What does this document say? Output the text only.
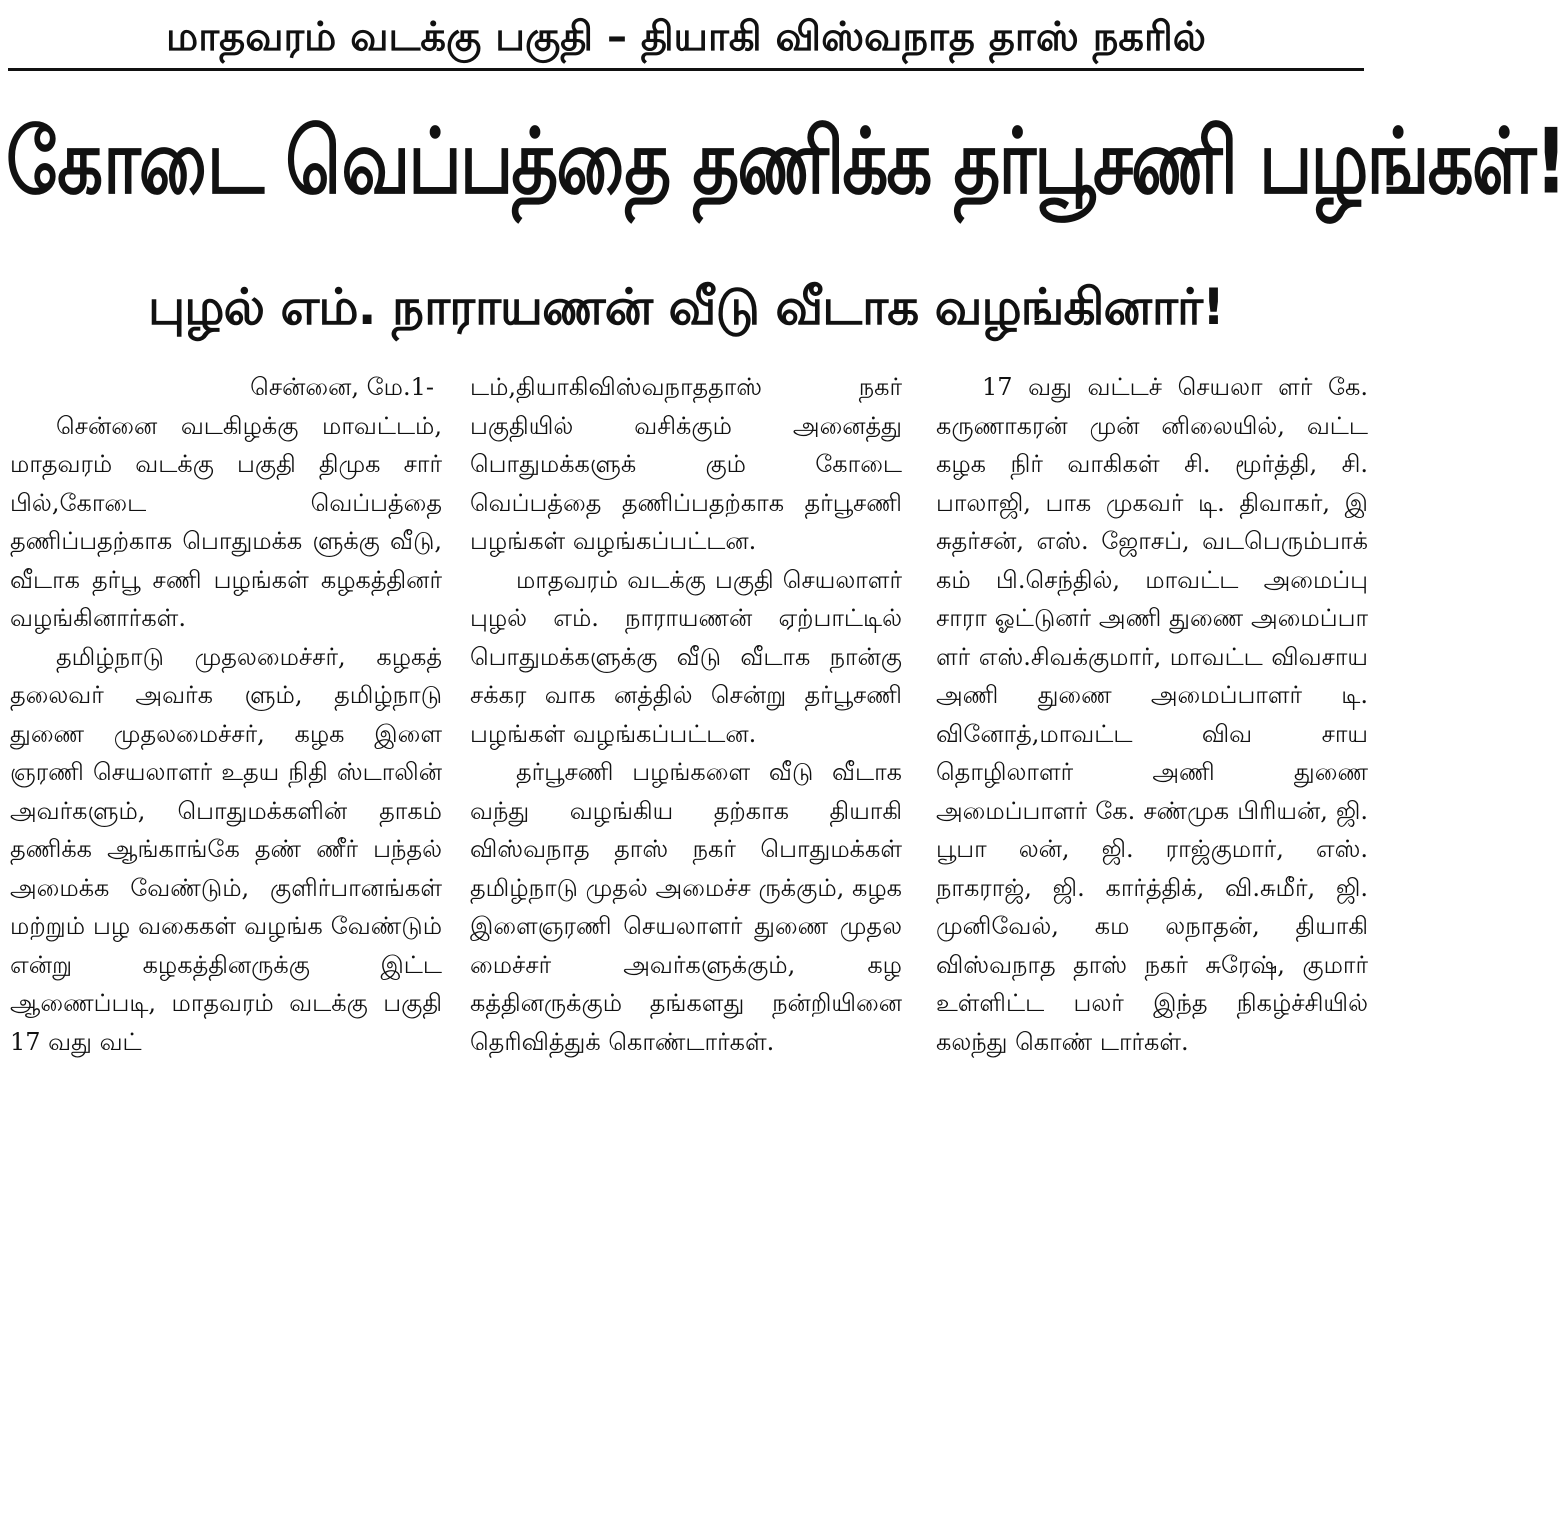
மாதவரம் வடக்கு பகுதி – தியாகி விஸ்வநாத தாஸ் நகரில்
கோடை வெப்பத்தை தணிக்க தர்பூசணி பழங்கள்!
புழல் எம். நாராயணன் வீடு வீடாக வழங்கினார்!

சென்னை, மே.1-

சென்னை வடகிழக்கு மாவட்டம், மாதவரம் வடக்கு பகுதி திமுக சார் பில்,கோடை வெப்பத்தை தணிப்பதற்காக பொதுமக்க ளுக்கு வீடு, வீடாக தர்பூ சணி பழங்கள் கழகத்தினர் வழங்கினார்கள்.

தமிழ்நாடு முதலமைச்சர், கழகத் தலைவர் அவர்க ளும், தமிழ்நாடு துணை முதலமைச்சர், கழக இளை ஞரணி செயலாளர் உதய நிதி ஸ்டாலின் அவர்களும், பொதுமக்களின் தாகம் தணிக்க ஆங்காங்கே தண் ணீர் பந்தல் அமைக்க வேண்டும், குளிர்பானங்கள் மற்றும் பழ வகைகள் வழங்க வேண்டும் என்று கழகத்தினருக்கு இட்ட ஆணைப்படி, மாதவரம் வடக்கு பகுதி 17 வது வட்

டம்,தியாகிவிஸ்வநாததாஸ் நகர் பகுதியில் வசிக்கும் அனைத்து பொதுமக்களுக் கும் கோடை வெப்பத்தை தணிப்பதற்காக தர்பூசணி பழங்கள் வழங்கப்பட்டன.

மாதவரம் வடக்கு பகுதி செயலாளர் புழல் எம். நாராயணன் ஏற்பாட்டில் பொதுமக்களுக்கு வீடு வீடாக நான்கு சக்கர வாக னத்தில் சென்று தர்பூசணி பழங்கள் வழங்கப்பட்டன.

தர்பூசணி பழங்களை வீடு வீடாக வந்து வழங்கிய தற்காக தியாகி விஸ்வநாத தாஸ் நகர் பொதுமக்கள் தமிழ்நாடு முதல் அமைச்ச ருக்கும், கழக இளைஞரணி செயலாளர் துணை முதல மைச்சர் அவர்களுக்கும், கழ கத்தினருக்கும் தங்களது நன்றியினை தெரிவித்துக் கொண்டார்கள்.

17 வது வட்டச் செயலா ளர் கே. கருணாகரன் முன் னிலையில், வட்ட கழக நிர் வாகிகள் சி. மூர்த்தி, சி. பாலாஜி, பாக முகவர் டி. திவாகர், இ சுதர்சன், எஸ். ஜோசப், வடபெரும்பாக் கம் பி.செந்தில், மாவட்ட அமைப்பு சாரா ஓட்டுனர் அணி துணை அமைப்பா ளர் எஸ்.சிவக்குமார், மாவட்ட விவசாய அணி துணை அமைப்பாளர் டி. வினோத்,மாவட்ட விவ சாய தொழிலாளர் அணி துணை அமைப்பாளர் கே. சண்முக பிரியன், ஜி. பூபா லன், ஜி. ராஜ்குமார், எஸ். நாகராஜ், ஜி. கார்த்திக், வி.சுமீர், ஜி. முனிவேல், கம லநாதன், தியாகி விஸ்வநாத தாஸ் நகர் சுரேஷ், குமார் உள்ளிட்ட பலர் இந்த நிகழ்ச்சியில் கலந்து கொண் டார்கள்.
